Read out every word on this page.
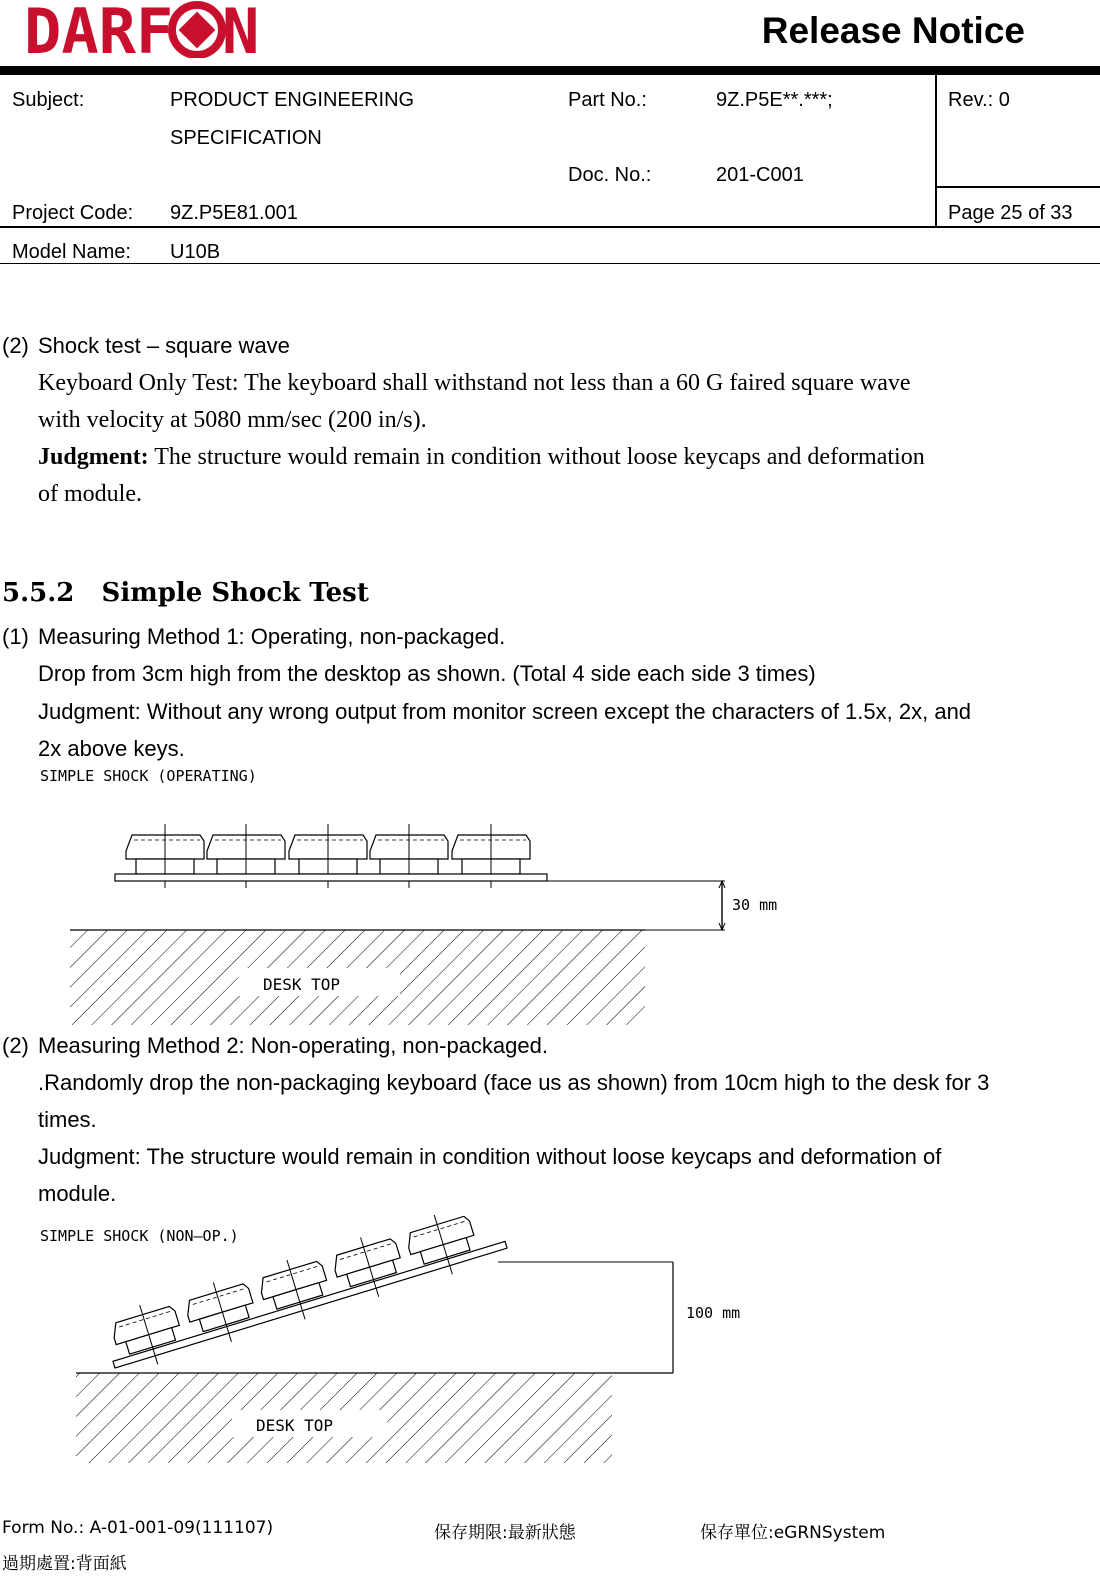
DARF N	Release Notice
Subject:	PRODUCT ENGINEERING
SPECIFICATION
Part No.:	9Z.P5E**.***;	Rev.: 0
Doc. No.:	201-C001
Project Code: 9Z.P5E81.001	Page 25 of 33
Model Name: U10B
(2) Shock test – square wave
Keyboard Only Test: The keyboard shall withstand not less than a 60 G faired square wave
with velocity at 5080 mm/sec (200 in/s).
Judgment: The structure would remain in condition without loose keycaps and deformation
of module.
5.5.2 Simple Shock Test
(1) Measuring Method 1: Operating, non-packaged.
Drop from 3cm high from the desktop as shown. (Total 4 side each side 3 times)
Judgment: Without any wrong output from monitor screen except the characters of 1.5x, 2x, and
2x above keys.
SIMPLE SHOCK (OPERATING)
30 mm
DESK TOP
(2) Measuring Method 2: Non-operating, non-packaged.
.Randomly drop the non-packaging keyboard (face us as shown) from 10cm high to the desk for 3
times.
Judgment: The structure would remain in condition without loose keycaps and deformation of
module.
SIMPLE SHOCK (NON–OP.)
100 mm
DESK TOP
Form No.: A-01-001-09(111107)	保存期限:最新狀態	保存單位:eGRNSystem
過期處置:背面紙
